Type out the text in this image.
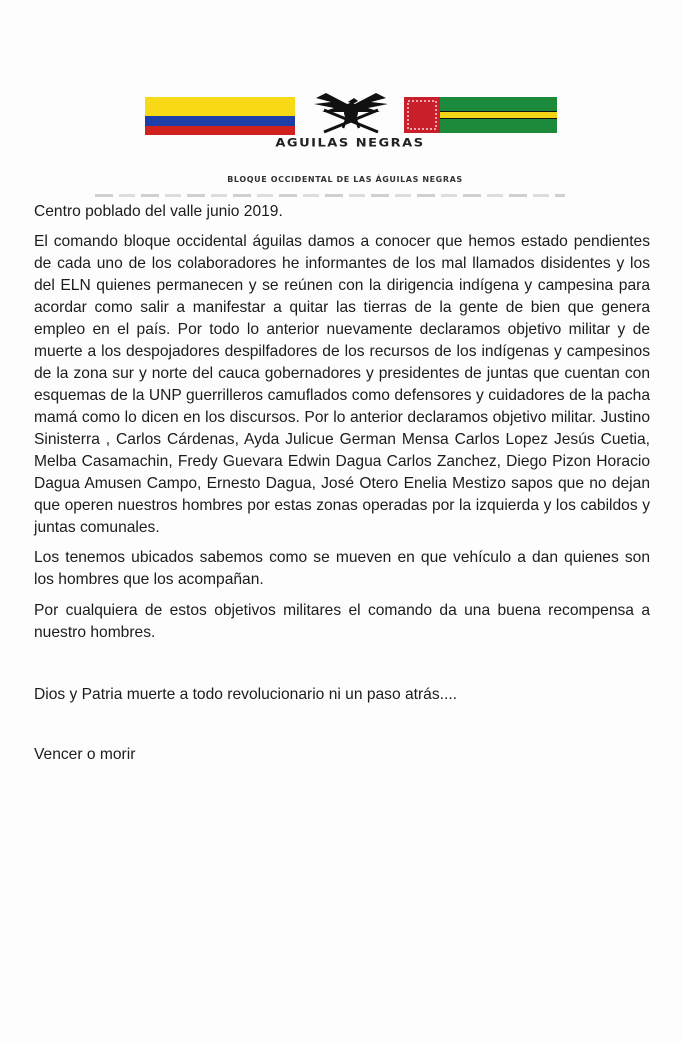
AGUILAS NEGRAS
BLOQUE OCCIDENTAL DE LAS ÁGUILAS NEGRAS

Centro poblado del valle junio 2019.

El comando bloque occidental águilas damos a conocer que hemos estado pendientes de cada uno de los colaboradores he informantes de los mal llamados disidentes y los del ELN quienes permanecen y se reúnen con la dirigencia indígena y campesina para acordar como salir a manifestar a quitar las tierras de la gente de bien que genera empleo en el país. Por todo lo anterior nuevamente declaramos objetivo militar y de muerte a los despojadores despilfadores de los recursos de los indígenas y campesinos de la zona sur y norte del cauca gobernadores y presidentes de juntas que cuentan con esquemas de la UNP guerrilleros camuflados como defensores y cuidadores de la pacha mamá como lo dicen en los discursos. Por lo anterior declaramos objetivo militar. Justino Sinisterra , Carlos Cárdenas, Ayda Julicue German Mensa Carlos Lopez Jesús Cuetia, Melba Casamachin, Fredy Guevara Edwin Dagua Carlos Zanchez, Diego Pizon Horacio Dagua Amusen Campo, Ernesto Dagua, José Otero Enelia Mestizo sapos que no dejan que operen nuestros hombres por estas zonas operadas por la izquierda y los cabildos y juntas comunales.

Los tenemos ubicados sabemos como se mueven en que vehículo a dan quienes son los hombres que los acompañan.

Por cualquiera de estos objetivos militares el comando da una buena recompensa a nuestro hombres.

Dios y Patria muerte a todo revolucionario ni un paso atrás....

Vencer o morir
